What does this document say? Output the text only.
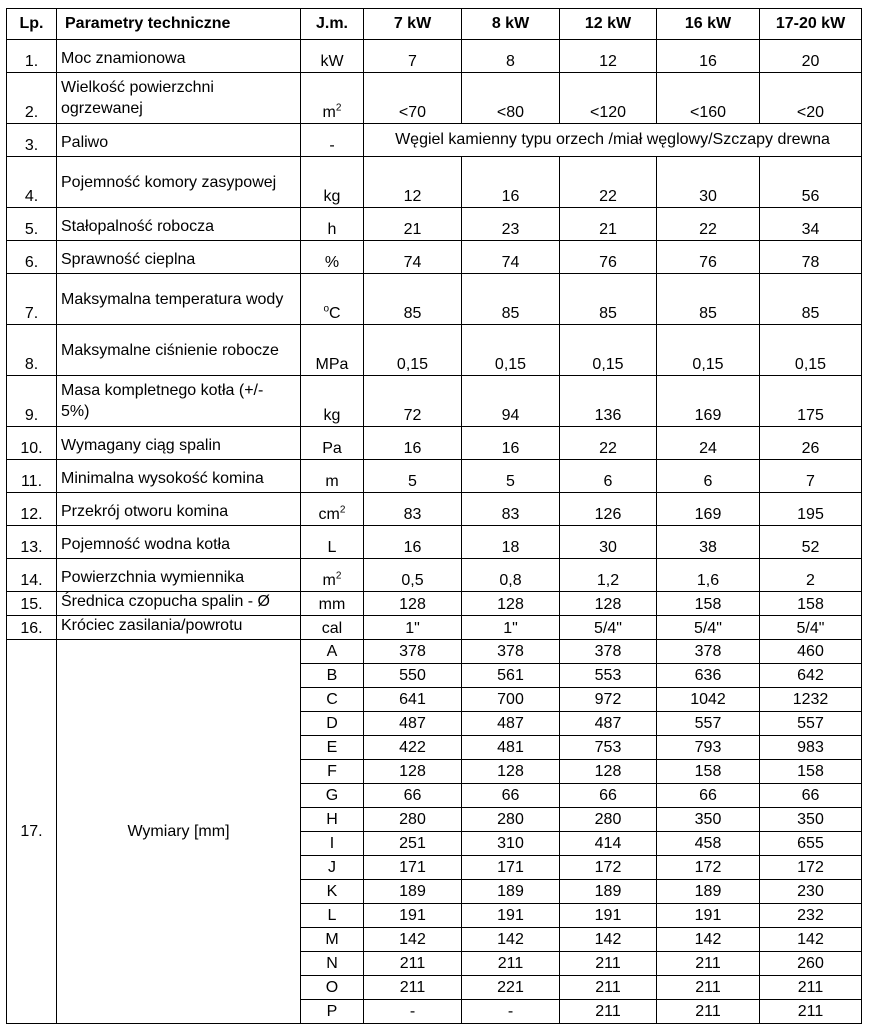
Lp.	Parametry techniczne	J.m.	7 kW	8 kW	12 kW	16 kW	17-20 kW
1.	Moc znamionowa	kW	7	8	12	16	20
2.	Wielkość powierzchni ogrzewanej	$m^2$	<70	<80	<120	<160	<20
3.	Paliwo	-	Węgiel kamienny typu orzech /miał węglowy/Szczapy drewna				
4.	Pojemność komory zasypowej	kg	12	16	22	30	56
5.	Stałopalność robocza	h	21	23	21	22	34
6.	Sprawność cieplna	%	74	74	76	76	78
7.	Maksymalna temperatura wody	$^o$C	85	85	85	85	85
8.	Maksymalne ciśnienie robocze	MPa	0,15	0,15	0,15	0,15	0,15
9.	Masa kompletnego kotła (+/- 5%)	kg	72	94	136	169	175
10.	Wymagany ciąg spalin	Pa	16	16	22	24	26
11.	Minimalna wysokość komina	m	5	5	6	6	7
12.	Przekrój otworu komina	$cm^2$	83	83	126	169	195
13.	Pojemność wodna kotła	L	16	18	30	38	52
14.	Powierzchnia wymiennika	$m^2$	0,5	0,8	1,2	1,6	2
15.	Średnica czopucha spalin - Ø	mm	128	128	128	158	158
16.	Króciec zasilania/powrotu	cal	1"	1"	5/4"	5/4"	5/4"
17.	Wymiary [mm]	A	378	378	378	378	460
		B	550	561	553	636	642
		C	641	700	972	1042	1232
		D	487	487	487	557	557
		E	422	481	753	793	983
		F	128	128	128	158	158
		G	66	66	66	66	66
		H	280	280	280	350	350
		I	251	310	414	458	655
		J	171	171	172	172	172
		K	189	189	189	189	230
		L	191	191	191	191	232
		M	142	142	142	142	142
		N	211	211	211	211	260
		O	211	221	211	211	211
		P	-	-	211	211	211
